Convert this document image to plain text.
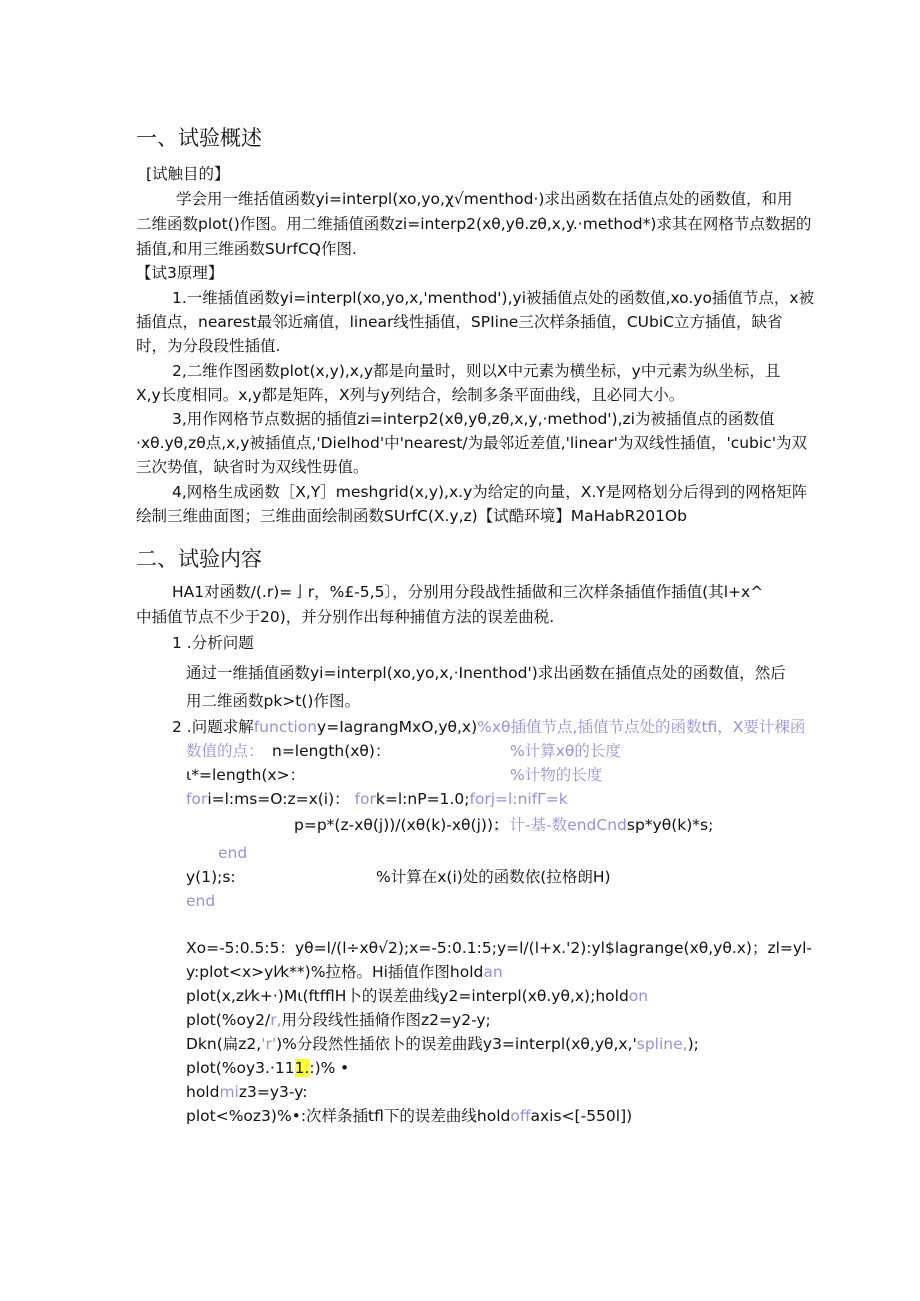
一、试验概述
[试触目的】
学会用一维括值函数yi=interpl(xo,yo,χ√menthod·)求出函数在括值点处的函数值，和用
二维函数plot()作图。用二维插值函数zi=interp2(xθ,yθ.zθ,x,y.·method*)求其在网格节点数据的
插值,和用三维函数SUrfCQ作图.
【试3原理】
1.一维插值函数yi=interpl(xo,yo,x,'menthod'),yi被插值点处的函数值,xo.yo插值节点，x被
插值点，nearest最邻近痛值，linear线性插值，SPIine三次样条插值，CUbiC立方插值，缺省
时，为分段段性插值.
2,二维作图函数plot(x,y),x,y都是向量时，则以X中元素为横坐标，y中元素为纵坐标，且
X,y长度相同。x,y都是矩阵，X列与y列结合，绘制多条平面曲线，且必同大小。
3,用作网格节点数据的插值zi=interp2(xθ,yθ,zθ,x,y,·method'),zi为被插值点的函数值
·xθ.yθ,zθ点,x,y被插值点,'Dielhod'中'nearest/为最邻近差值,'linear'为双线性插值，'cubic'为双
三次势值，缺省时为双线性毋值。
4,网格生成函数［X,Y］meshgrid(x,y),x.y为给定的向量，X.Y是网格划分后得到的网格矩阵
绘制三维曲面图；三维曲面绘制函数SUrfC(X.y,z)【试酷环境】MaHabR201Ob
二、试验内容
HA1对函数/(.r)=亅r，%£-5,5〕，分别用分段战性插做和三次样条插值作插值(其l+x^
中插值节点不少于20)，并分别作出每种捕值方法的误差曲税.
1 .分析问题
通过一维插值函数yi=interpl(xo,yo,x,·Inenthod')求出函数在插值点处的函数值，然后
用二维函数pk>t()作图。
2 .问题求解functiony=IagrangMxO,yθ,x)%xθ插值节点,插值节点处的函数tfi，X要计稞函
数值的点： n=length(xθ)：	%计算xθ的长度
ι*=length(x>：	%计物的长度
fori=l:ms=O:z=x(i)： fork=l:nP=1.0;forj=l:nifΓ=k
p=p*(z-xθ(j))/(xθ(k)-xθ(j))：
。计-基-数endCndsp*yθ(k)*s;
end
y(1);s:	%计算在x(i)处的函数依(拉格朗H)
end
Xo=-5:0.5:5：yθ=l/(l÷xθ√2);x=-5:0.1:5;y=l/(l+x.'2):yl$lagrange(xθ,yθ.x)；zl=yl-
y:plot<x>yl⁄k**)%拉格。Hi插值作图holdan
plot(x,zl⁄k+·)Mι(ftfflH卜的误差曲线y2=interpl(xθ.yθ,x);holdon
plot(%oy2/r,用分段线性插脩作图z2=y2-y;
Dkn(扁z2,'r')%分段然性插依卜的误差曲践y3=interpl(xθ,yθ,x,'spline,);
plot(%oy3.·111.:)% •
holdmiz3=y3-y:
plot<%oz3)%•:次样条插tfl下的误差曲线holdoffaxis<[-550l])
